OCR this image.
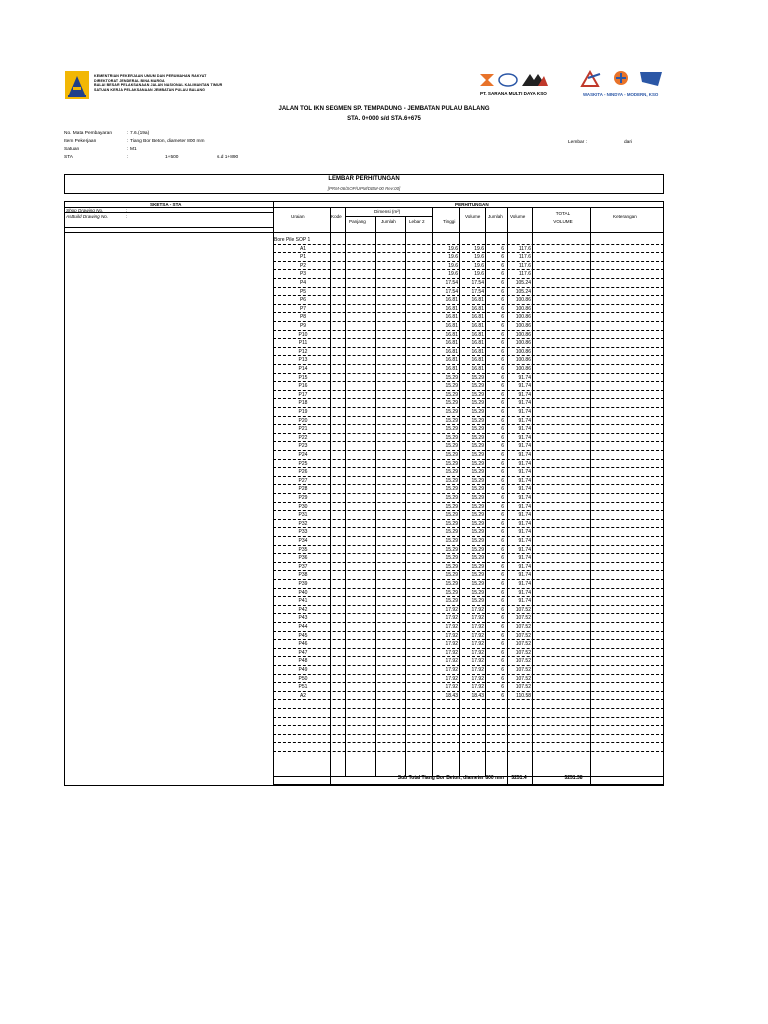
KEMENTRIAN PEKERJAAN UMUM DAN PERUMAHAN RAKYAT
DIREKTORAT JENDERAL BINA MARGA
BALAI BESAR PELAKSANAAN JALAN NASIONAL KALIMANTAN TIMUR
SATUAN KERJA PELAKSANAAN JEMBATAN PULAU BALANG
PT. SARANA MULTI DAYA KSO	WASKITA - NINDYA - MODERN, KSO
JALAN TOL IKN SEGMEN SP. TEMPADUNG - JEMBATAN PULAU BALANG
STA. 0+000 s/d STA.6+675
No. Mata Pembayaran	: 7.6.(19a)
Item Pekerjaan	: Tiang Bor Beton, diameter 800 mm
Satuan	: M1
STA	:	1+500	s.d 1+890
Lembar :	dari
LEMBAR PERHITUNGAN
[PRM-06/SOP/UPM/DBM-00 Rev:00]
SKETSA - STA	PERHITUNGAN
Shop Drawing No.	:
AsBuild Drawing No.	:	Uraian	Kode
Dimensi (m²)
Panjang	Jumlah	Lebar 2	Tinggi
Volume Jumlah Volume
TOTAL VOLUME
Keterangan
Bore Pile SOP 1
A1	19.6	19.6	6	117.6
P1	19.6	19.6	6	117.6
P2	19.6	19.6	6	117.6
P3	19.6	19.6	6	117.6
P4	17.54	17.54	6	105.24
P5	17.54	17.54	6	105.24
P6	16.81	16.81	6	100.86
P7	16.81	16.81	6	100.86
P8	16.81	16.81	6	100.86
P9	16.81	16.81	6	100.86
P10	16.81	16.81	6	100.86
P11	16.81	16.81	6	100.86
P12	16.81	16.81	6	100.86
P13	16.81	16.81	6	100.86
P14	16.81	16.81	6	100.86
P15	15.29	15.29	6	91.74
P16	15.29	15.29	6	91.74
P17	15.29	15.29	6	91.74
P18	15.29	15.29	6	91.74
P19	15.29	15.29	6	91.74
P20	15.29	15.29	6	91.74
P21	15.29	15.29	6	91.74
P22	15.29	15.29	6	91.74
P23	15.29	15.29	6	91.74
P24	15.29	15.29	6	91.74
P25	15.29	15.29	6	91.74
P26	15.29	15.29	6	91.74
P27	15.29	15.29	6	91.74
P28	15.29	15.29	6	91.74
P29	15.29	15.29	6	91.74
P30	15.29	15.29	6	91.74
P31	15.29	15.29	6	91.74
P32	15.29	15.29	6	91.74
P33	15.29	15.29	6	91.74
P34	15.29	15.29	6	91.74
P35	15.29	15.29	6	91.74
P36	15.29	15.29	6	91.74
P37	15.29	15.29	6	91.74
P38	15.29	15.29	6	91.74
P39	15.29	15.29	6	91.74
P40	15.29	15.29	6	91.74
P41	15.29	15.29	6	91.74
P42	17.92	17.92	6	107.52
P43	17.92	17.92	6	107.52
P44	17.92	17.92	6	107.52
P45	17.92	17.92	6	107.52
P46	17.92	17.92	6	107.52
P47	17.92	17.92	6	107.52
P48	17.92	17.92	6	107.52
P49	17.92	17.92	6	107.52
P50	17.92	17.92	6	107.52
P51	17.92	17.92	6	107.52
A2	18.43	18.43	6	110.58
Sub Total Tiang Bor Beton, diameter 800 mm	5251.4	5251.38
